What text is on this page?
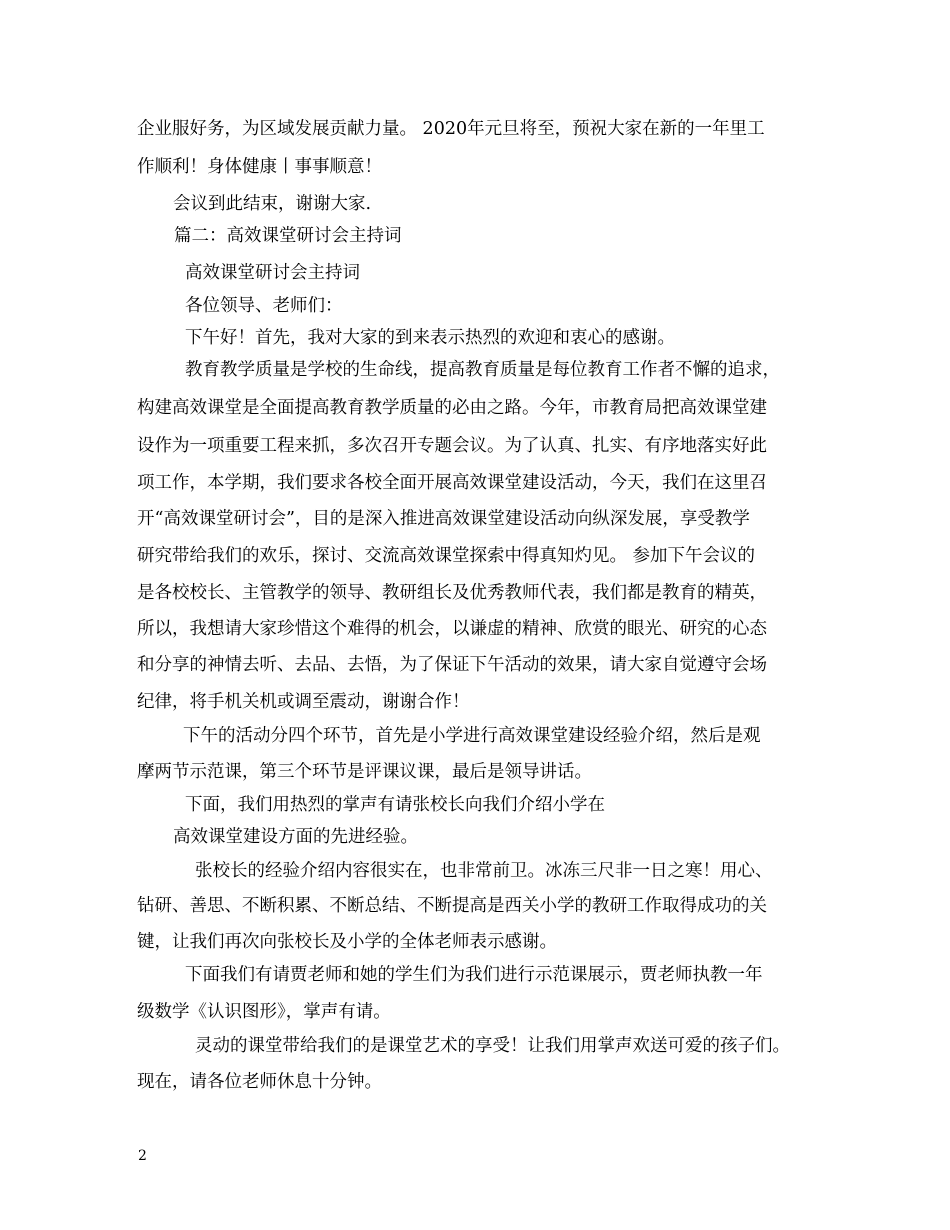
企业服好务，为区域发展贡献力量。 2020年元旦将至，预祝大家在新的一年里工
作顺利！身体健康丨事事顺意！
会议到此结束，谢谢大家.
篇二：高效课堂研讨会主持词
高效课堂研讨会主持词
各位领导、老师们：
下午好！首先，我对大家的到来表示热烈的欢迎和衷心的感谢。
教育教学质量是学校的生命线，提高教育质量是每位教育工作者不懈的追求，
构建高效课堂是全面提高教育教学质量的必由之路。今年，市教育局把高效课堂建
设作为一项重要工程来抓，多次召开专题会议。为了认真、扎实、有序地落实好此
项工作，本学期，我们要求各校全面开展高效课堂建设活动，今天，我们在这里召
开“高效课堂研讨会”，目的是深入推进高效课堂建设活动向纵深发展，享受教学
研究带给我们的欢乐，探讨、交流高效课堂探索中得真知灼见。 参加下午会议的
是各校校长、主管教学的领导、教研组长及优秀教师代表，我们都是教育的精英，
所以，我想请大家珍惜这个难得的机会，以谦虚的精神、欣赏的眼光、研究的心态
和分享的神情去听、去品、去悟，为了保证下午活动的效果，请大家自觉遵守会场
纪律，将手机关机或调至震动，谢谢合作！
下午的活动分四个环节，首先是小学进行高效课堂建设经验介绍，然后是观
摩两节示范课，第三个环节是评课议课，最后是领导讲话。
下面，我们用热烈的掌声有请张校长向我们介绍小学在
高效课堂建设方面的先进经验。
张校长的经验介绍内容很实在，也非常前卫。冰冻三尺非一日之寒！用心、
钻研、善思、不断积累、不断总结、不断提高是西关小学的教研工作取得成功的关
键，让我们再次向张校长及小学的全体老师表示感谢。
下面我们有请贾老师和她的学生们为我们进行示范课展示，贾老师执教一年
级数学《认识图形》，掌声有请。
灵动的课堂带给我们的是课堂艺术的享受！让我们用掌声欢送可爱的孩子们。
现在，请各位老师休息十分钟。
2
